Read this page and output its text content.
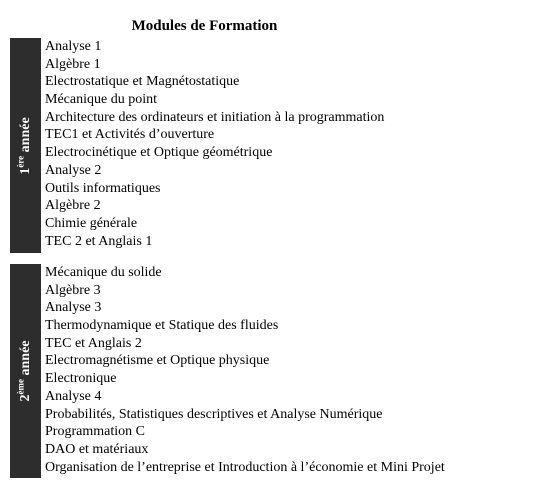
Modules de Formation
1ère année
Analyse 1
Algèbre 1
Electrostatique et Magnétostatique
Mécanique du point
Architecture des ordinateurs et initiation à la programmation
TEC1 et Activités d’ouverture
Electrocinétique et Optique géométrique
Analyse 2
Outils informatiques
Algèbre 2
Chimie générale
TEC 2 et Anglais 1
2ème année
Mécanique du solide
Algèbre 3
Analyse 3
Thermodynamique et Statique des fluides
TEC et Anglais 2
Electromagnétisme et Optique physique
Electronique
Analyse 4
Probabilités, Statistiques descriptives et Analyse Numérique
Programmation C
DAO et matériaux
Organisation de l’entreprise et Introduction à l’économie et Mini Projet
